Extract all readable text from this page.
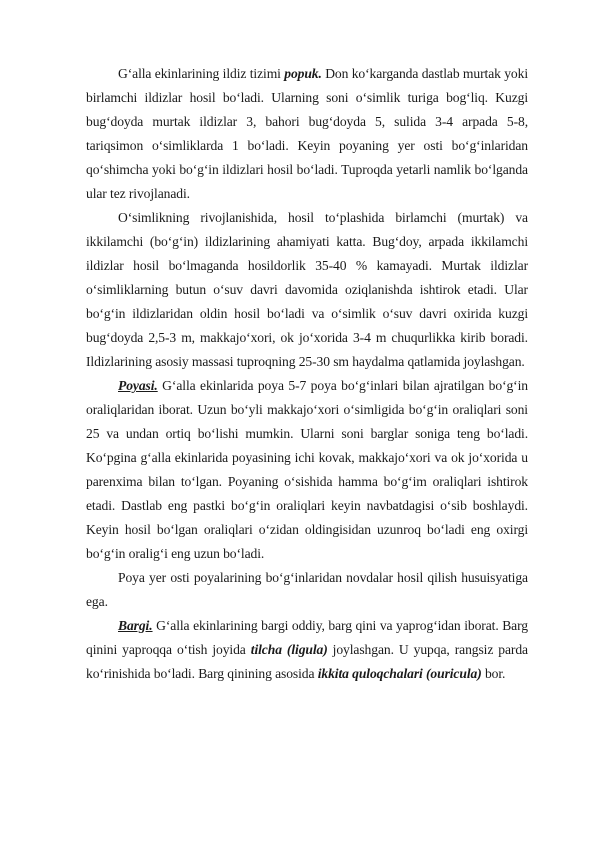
G‘alla ekinlarining ildiz tizimi popuk. Don ko‘karganda dastlab murtak yoki birlamchi ildizlar hosil bo‘ladi. Ularning soni o‘simlik turiga bog‘liq. Kuzgi bug‘doyda murtak ildizlar 3, bahori bug‘doyda 5, sulida 3-4 arpada 5-8, tariqsimon o‘simliklarda 1 bo‘ladi. Keyin poyaning yer osti bo‘g‘inlaridan qo‘shimcha yoki bo‘g‘in ildizlari hosil bo‘ladi. Tuproqda yetarli namlik bo‘lganda ular tez rivojlanadi.

O‘simlikning rivojlanishida, hosil to‘plashida birlamchi (murtak) va ikkilamchi (bo‘g‘in) ildizlarining ahamiyati katta. Bug‘doy, arpada ikkilamchi ildizlar hosil bo‘lmaganda hosildorlik 35-40 % kamayadi. Murtak ildizlar o‘simliklarning butun o‘suv davri davomida oziqlanishda ishtirok etadi. Ular bo‘g‘in ildizlaridan oldin hosil bo‘ladi va o‘simlik o‘suv davri oxirida kuzgi bug‘doyda 2,5-3 m, makkajo‘xori, ok jo‘xorida 3-4 m chuqurlikka kirib boradi. Ildizlarining asosiy massasi tuproqning 25-30 sm haydalma qatlamida joylashgan.

Poyasi. G‘alla ekinlarida poya 5-7 poya bo‘g‘inlari bilan ajratilgan bo‘g‘in oraliqlaridan iborat. Uzun bo‘yli makkajo‘xori o‘simligida bo‘g‘in oraliqlari soni 25 va undan ortiq bo‘lishi mumkin. Ularni soni barglar soniga teng bo‘ladi. Ko‘pgina g‘alla ekinlarida poyasining ichi kovak, makkajo‘xori va ok jo‘xorida u parenxima bilan to‘lgan. Poyaning o‘sishida hamma bo‘g‘im oraliqlari ishtirok etadi. Dastlab eng pastki bo‘g‘in oraliqlari keyin navbatdagisi o‘sib boshlaydi. Keyin hosil bo‘lgan oraliqlari o‘zidan oldingisidan uzunroq bo‘ladi eng oxirgi bo‘g‘in oralig‘i eng uzun bo‘ladi.

Poya yer osti poyalarining bo‘g‘inlaridan novdalar hosil qilish husuisyatiga ega.

Bargi. G‘alla ekinlarining bargi oddiy, barg qini va yaprog‘idan iborat. Barg qinini yaproqqa o‘tish joyida tilcha (ligula) joylashgan. U yupqa, rangsiz parda ko‘rinishida bo‘ladi. Barg qinining asosida ikkita quloqchalari (ouricula) bor.
